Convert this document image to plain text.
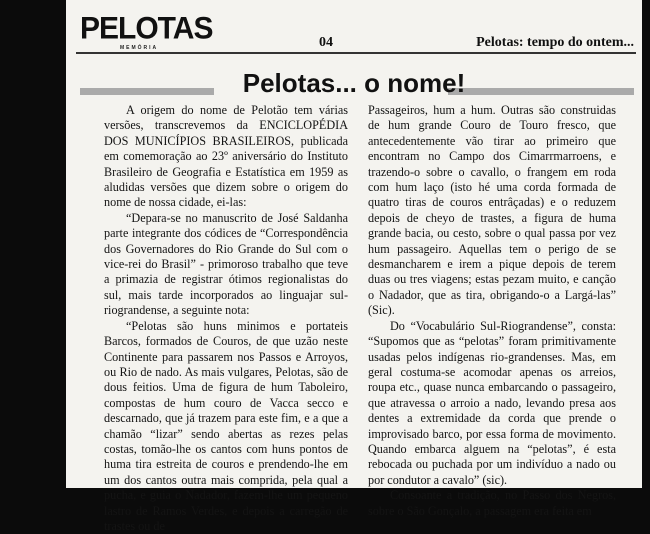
PELOTAS
MEMÓRIA	04	Pelotas: tempo do ontem...
Pelotas... o nome!

A origem do nome de Pelotão tem várias versões, transcrevemos da ENCICLOPÉDIA DOS MUNICÍPIOS BRASILEIROS, publicada em comemoração ao 23º aniversário do Instituto Brasileiro de Geografia e Estatística em 1959 as aludidas versões que dizem sobre o origem do nome de nossa cidade, ei-las:

“Depara-se no manuscrito de José Saldanha parte integrante dos códices de “Correspondência dos Governadores do Rio Grande do Sul com o vice-rei do Brasil” - primoroso trabalho que teve a primazia de registrar ótimos regionalistas do sul, mais tarde incorporados ao linguajar sul-riograndense, a seguinte nota:

“Pelotas são huns minimos e portateis Barcos, formados de Couros, de que uzão neste Continente para passarem nos Passos e Arroyos, ou Rio de nado. As mais vulgares, Pelotas, são de dous feitios. Uma de figura de hum Taboleiro, compostas de hum couro de Vacca secco e descarnado, que já trazem para este fim, e a que a chamão “lizar” sendo abertas as rezes pelas costas, tomão-lhe os cantos com huns pontos de huma tira estreita de couros e prendendo-lhe em um dos cantos outra mais comprida, pela qual a pucha, e guia o Nadador, fazem-lhe um pequeno lastro de Ramos Verdes, e depois a carregão de trastes ou de

Passageiros, hum a hum. Outras são construidas de hum grande Couro de Touro fresco, que antecedentemente vão tirar ao primeiro que encontram no Campo dos Cimarrmarroens, e trazendo-o sobre o cavallo, o frangem em roda com hum laço (isto hé uma corda formada de quatro tiras de couros entrâçadas) e o reduzem depois de cheyo de trastes, a figura de huma grande bacia, ou cesto, sobre o qual passa por vez hum passageiro. Aquellas tem o perigo de se desmancharem e irem a pique depois de terem duas ou tres viagens; estas pezam muito, e canção o Nadador, que as tira, obrigando-o a Largá-las” (Sic).

Do “Vocabulário Sul-Riograndense”, consta: “Supomos que as “pelotas” foram primitivamente usadas pelos indígenas rio-grandenses. Mas, em geral costuma-se acomodar apenas os arreios, roupa etc., quase nunca embarcando o passageiro, que atravessa o arroio a nado, levando presa aos dentes a extremidade da corda que prende o improvisado barco, por essa forma de movimento. Quando embarca alguem na “pelotas”, é esta rebocada ou puchada por um indivíduo a nado ou por condutor a cavalo” (sic).

Consoante a tradição, no Passo dos Negros, sobre o São Gonçalo, a passagem era feita em
